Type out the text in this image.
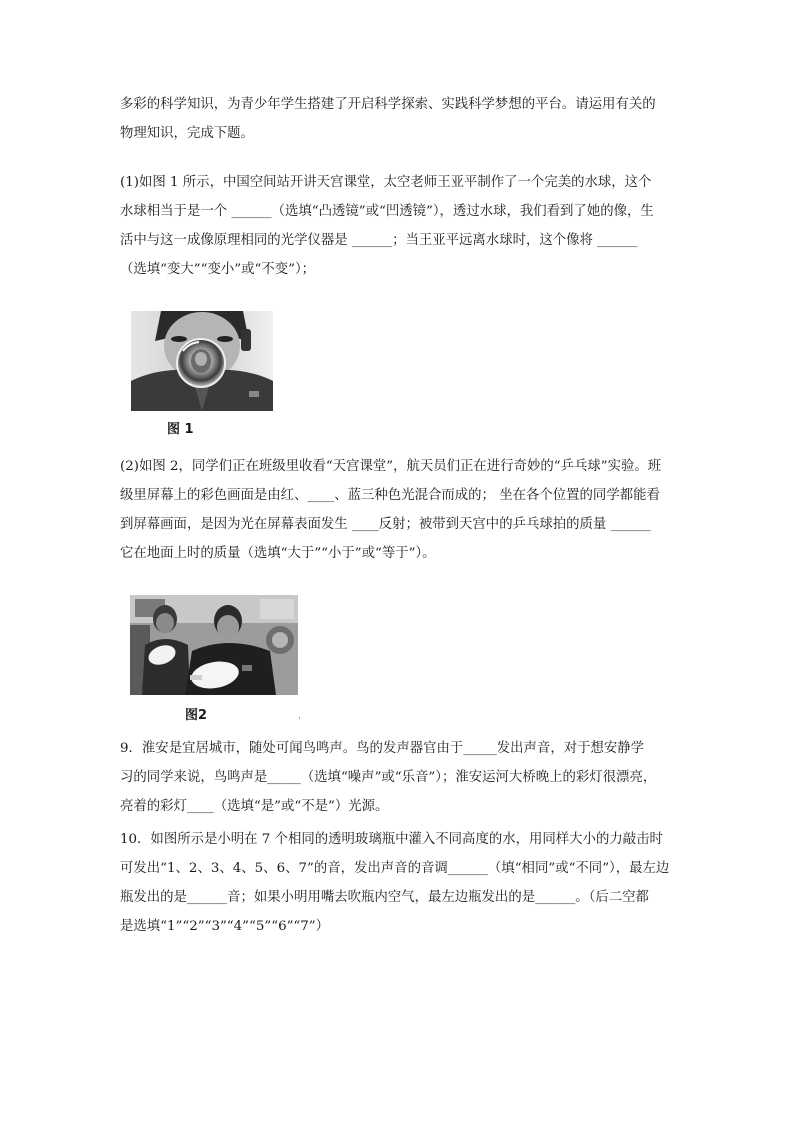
多彩的科学知识，为青少年学生搭建了开启科学探索、实践科学梦想的平台。请运用有关的
物理知识，完成下题。
(1)如图 1 所示，中国空间站开讲天宫课堂，太空老师王亚平制作了一个完美的水球，这个
水球相当于是一个 ______（选填“凸透镜”或“凹透镜”），透过水球，我们看到了她的像，生
活中与这一成像原理相同的光学仪器是 ______；当王亚平远离水球时，这个像将 ______
（选填“变大”“变小”或“不变”）；
图 1
(2)如图 2，同学们正在班级里收看“天宫课堂”，航天员们正在进行奇妙的“乒乓球”实验。班
级里屏幕上的彩色画面是由红、____、蓝三种色光混合而成的； 坐在各个位置的同学都能看
到屏幕画面，是因为光在屏幕表面发生 ____反射；被带到天宫中的乒乓球拍的质量 ______
它在地面上时的质量（选填“大于”“小于”或“等于”）。
图2	ˌ
9．淮安是宜居城市，随处可闻鸟鸣声。鸟的发声器官由于_____发出声音，对于想安静学
习的同学来说，鸟鸣声是_____（选填“噪声”或“乐音”）；淮安运河大桥晚上的彩灯很漂亮，
亮着的彩灯____（选填“是”或“不是”）光源。
10．如图所示是小明在 7 个相同的透明玻璃瓶中灌入不同高度的水，用同样大小的力敲击时
可发出“1、2、3、4、5、6、7”的音，发出声音的音调______（填“相同”或“不同”），最左边
瓶发出的是______音；如果小明用嘴去吹瓶内空气，最左边瓶发出的是______。（后二空都
是选填“1”“2”“3”“4”“5”“6”“7”）
